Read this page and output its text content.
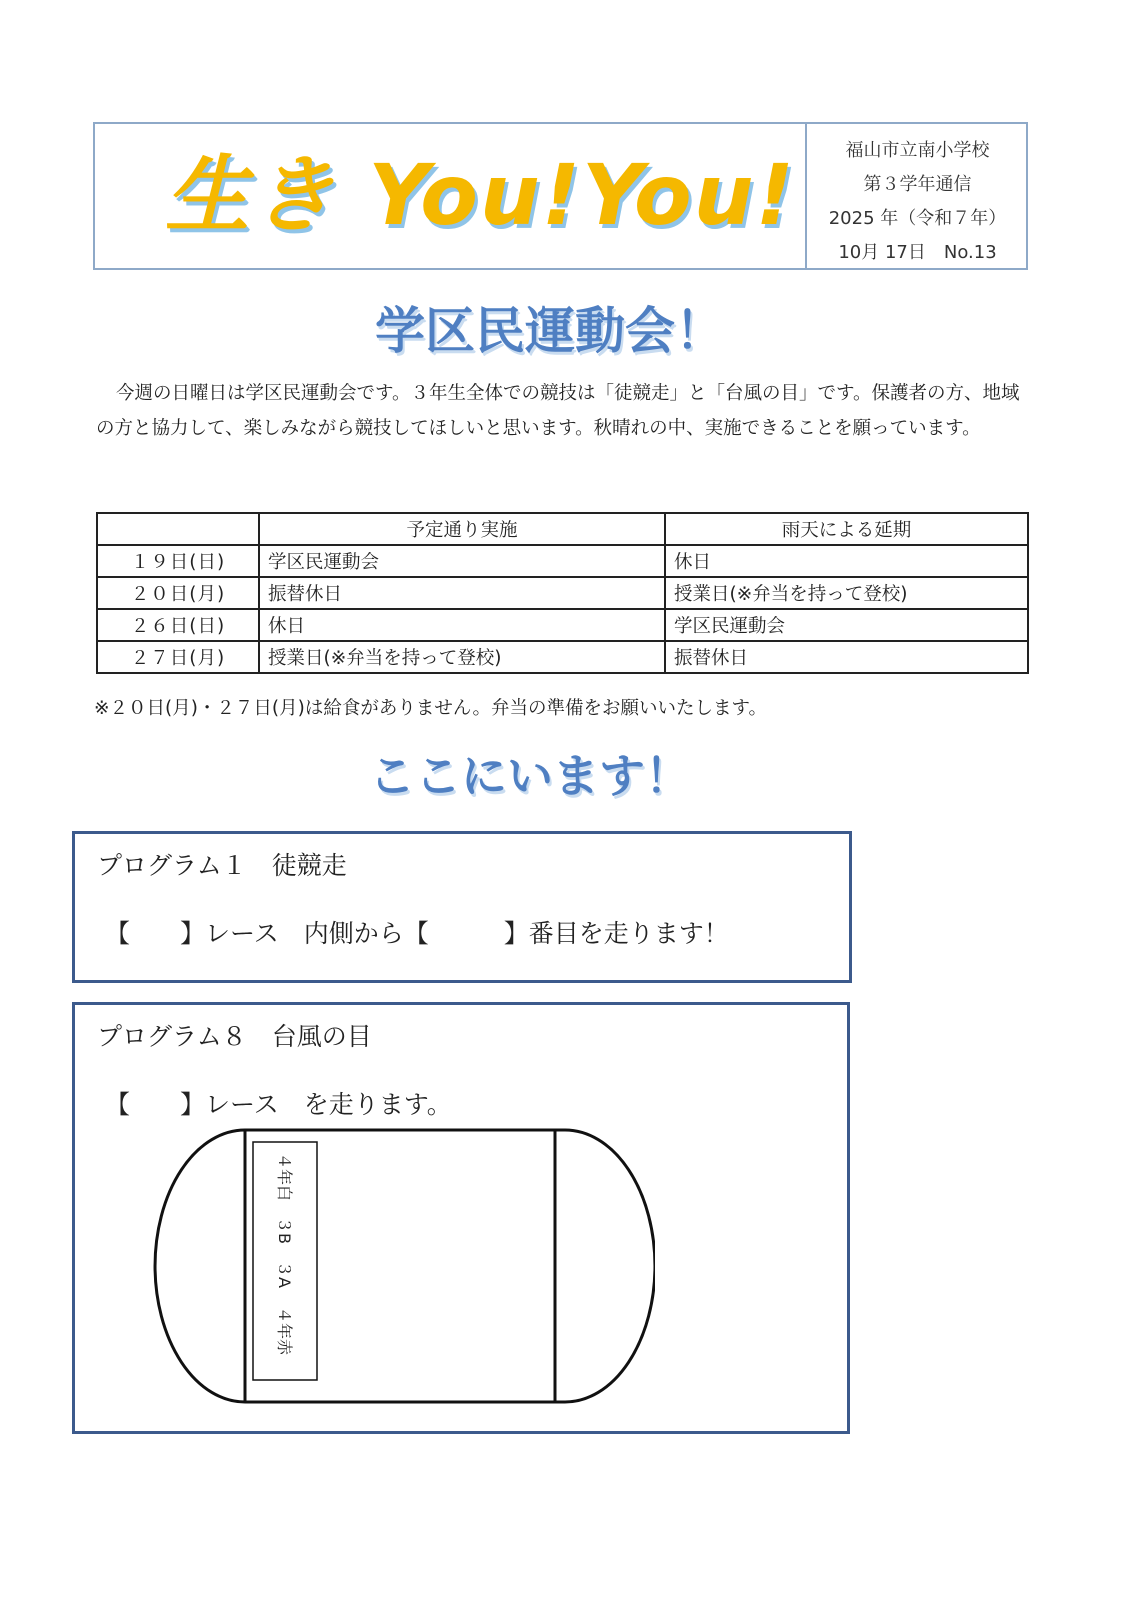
生き You!You!	福山市立南小学校
第３学年通信
2025 年（令和７年）
10月 17日　No.13
学区民運動会！
今週の日曜日は学区民運動会です。３年生全体での競技は「徒競走」と「台風の目」です。保護者の方、地域の方と協力して、楽しみながら競技してほしいと思います。秋晴れの中、実施できることを願っています。
	予定通り実施	雨天による延期
１９日(日)	学区民運動会	休日
２０日(月)	振替休日	授業日(※弁当を持って登校)
２６日(日)	休日	学区民運動会
２７日(月)	授業日(※弁当を持って登校)	振替休日
※２０日(月)・２７日(月)は給食がありません。弁当の準備をお願いいたします。
ここにいます！
プログラム１　徒競走
【　　】レース　内側から【　　　】番目を走ります！
プログラム８　台風の目
【　　】レース　を走ります。
４年白
３B
３A
４年赤
